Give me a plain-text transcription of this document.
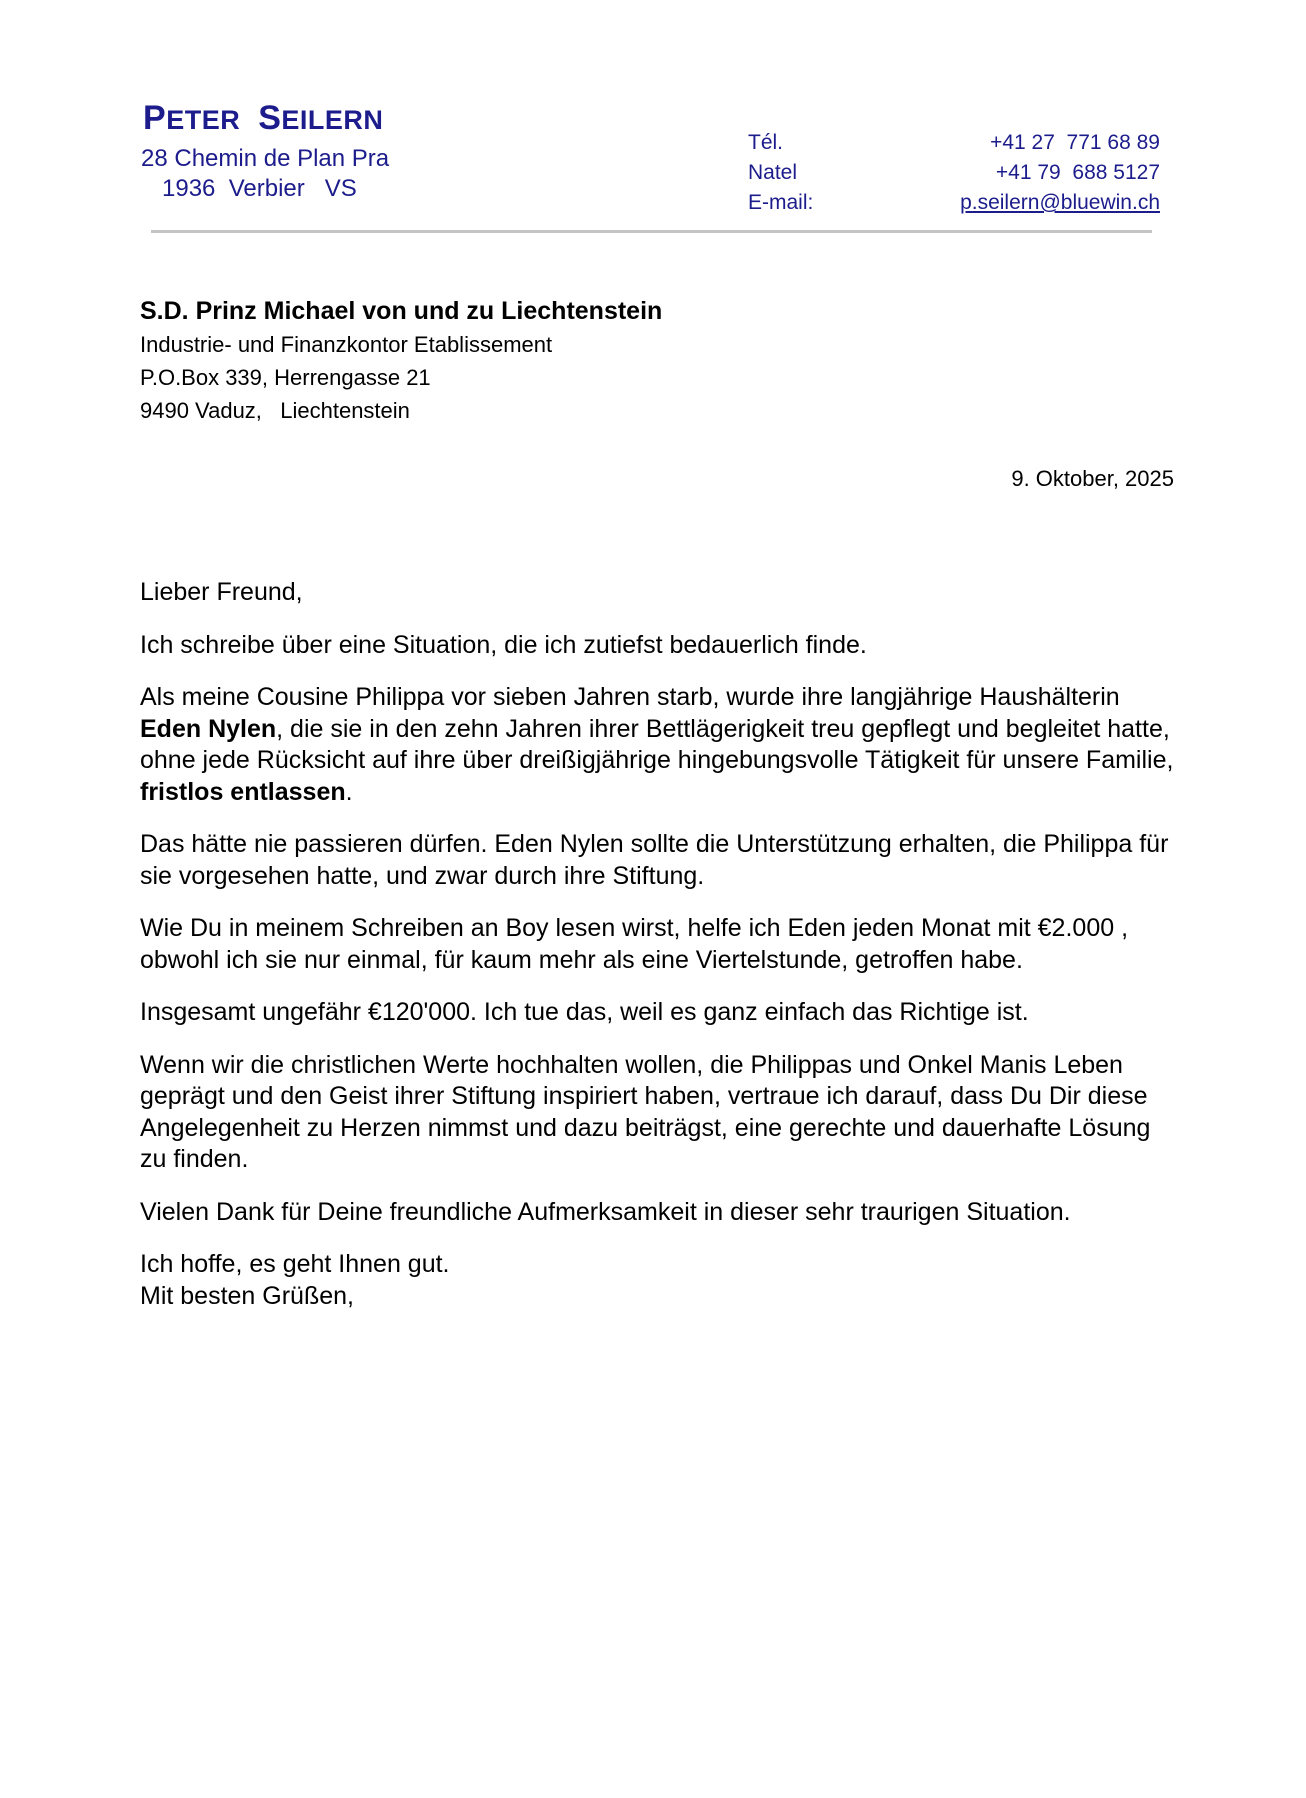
PETER SEILERN
28 Chemin de Plan Pra
1936  Verbier   VS
Tél.	+41 27  771 68 89
Natel	+41 79  688 5127
E-mail:	p.seilern@bluewin.ch
S.D. Prinz Michael von und zu Liechtenstein
Industrie- und Finanzkontor Etablissement
P.O.Box 339, Herrengasse 21
9490 Vaduz,   Liechtenstein
9. Oktober, 2025

Lieber Freund,

Ich schreibe über eine Situation, die ich zutiefst bedauerlich finde.

Als meine Cousine Philippa vor sieben Jahren starb, wurde ihre langjährige Haushälterin Eden Nylen, die sie in den zehn Jahren ihrer Bettlägerigkeit treu gepflegt und begleitet hatte, ohne jede Rücksicht auf ihre über dreißigjährige hingebungsvolle Tätigkeit für unsere Familie, fristlos entlassen.

Das hätte nie passieren dürfen. Eden Nylen sollte die Unterstützung erhalten, die Philippa für sie vorgesehen hatte, und zwar durch ihre Stiftung.

Wie Du in meinem Schreiben an Boy lesen wirst, helfe ich Eden jeden Monat mit €2.000 , obwohl ich sie nur einmal, für kaum mehr als eine Viertelstunde, getroffen habe.

Insgesamt ungefähr €120'000. Ich tue das, weil es ganz einfach das Richtige ist.

Wenn wir die christlichen Werte hochhalten wollen, die Philippas und Onkel Manis Leben geprägt und den Geist ihrer Stiftung inspiriert haben, vertraue ich darauf, dass Du Dir diese Angelegenheit zu Herzen nimmst und dazu beiträgst, eine gerechte und dauerhafte Lösung zu finden.

Vielen Dank für Deine freundliche Aufmerksamkeit in dieser sehr traurigen Situation.

Ich hoffe, es geht Ihnen gut.

Mit besten Grüßen,
